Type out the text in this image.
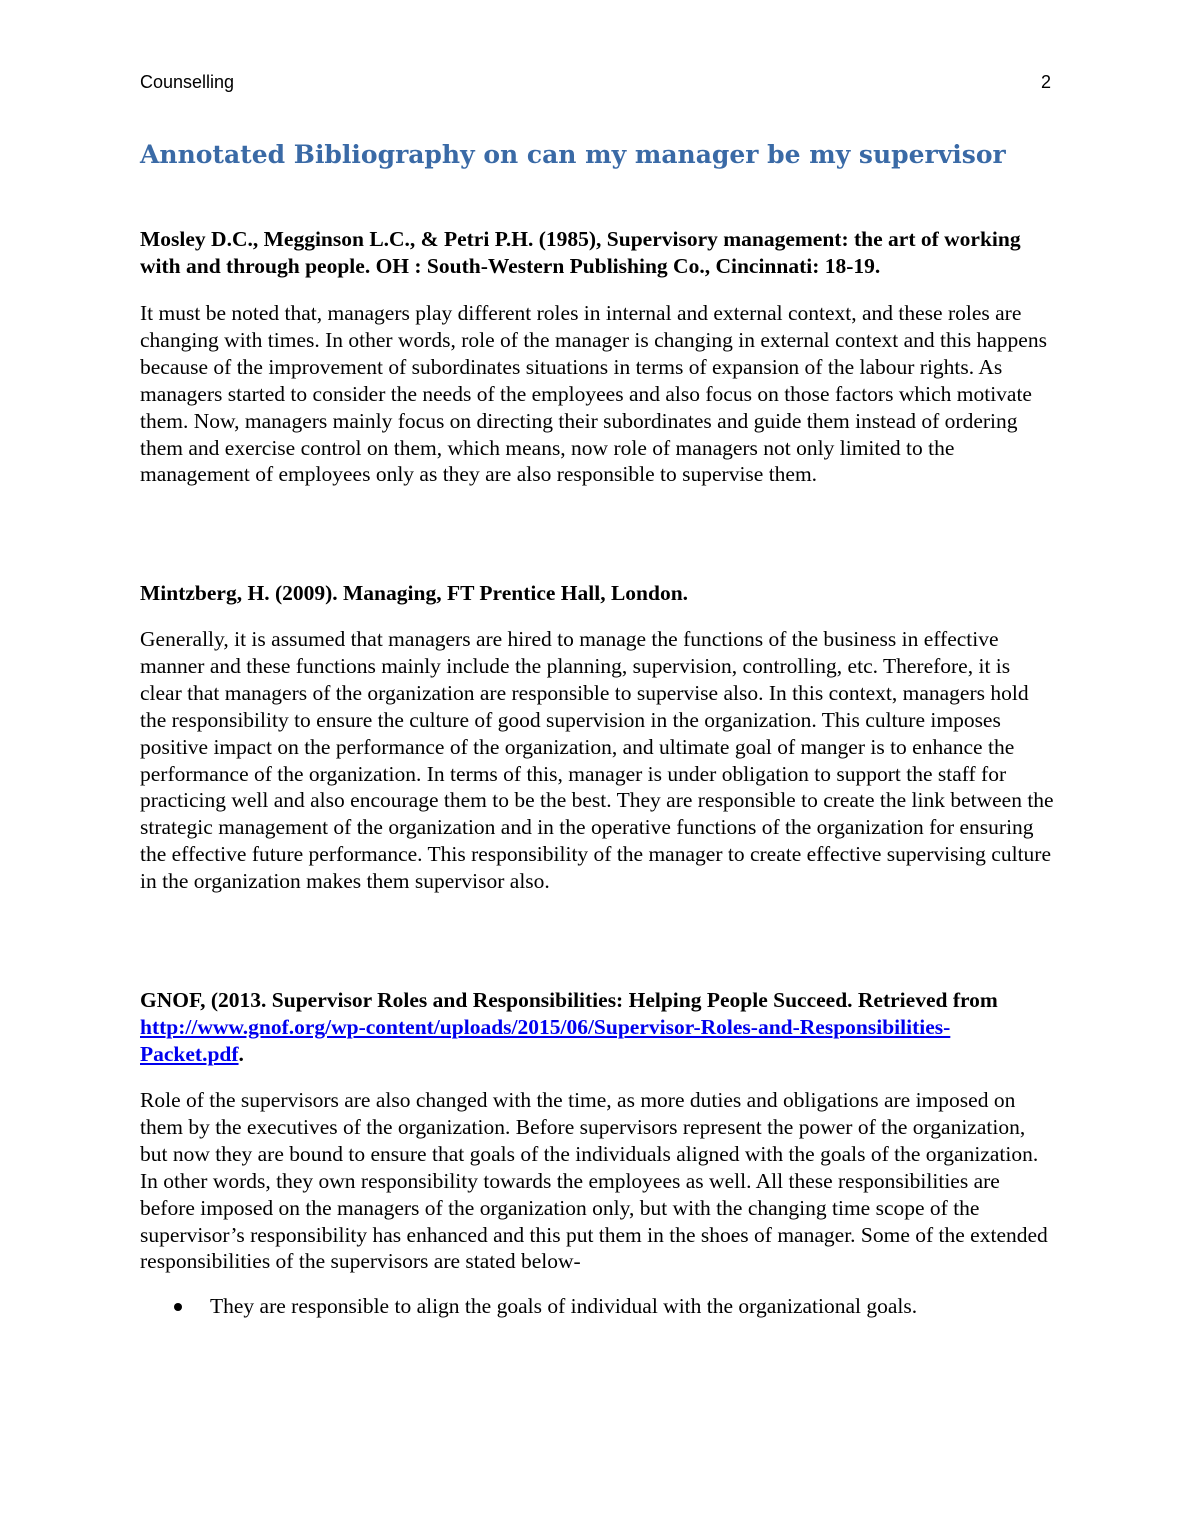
Counselling	2
Annotated Bibliography on can my manager be my supervisor
Mosley D.C., Megginson L.C., & Petri P.H. (1985), Supervisory management: the art of working with and through people. OH : South-Western Publishing Co., Cincinnati: 18-19.

It must be noted that, managers play different roles in internal and external context, and these roles are changing with times. In other words, role of the manager is changing in external context and this happens because of the improvement of subordinates situations in terms of expansion of the labour rights. As managers started to consider the needs of the employees and also focus on those factors which motivate them. Now, managers mainly focus on directing their subordinates and guide them instead of ordering them and exercise control on them, which means, now role of managers not only limited to the management of employees only as they are also responsible to supervise them.

Mintzberg, H. (2009). Managing, FT Prentice Hall, London.

Generally, it is assumed that managers are hired to manage the functions of the business in effective manner and these functions mainly include the planning, supervision, controlling, etc. Therefore, it is clear that managers of the organization are responsible to supervise also. In this context, managers hold the responsibility to ensure the culture of good supervision in the organization. This culture imposes positive impact on the performance of the organization, and ultimate goal of manger is to enhance the performance of the organization. In terms of this, manager is under obligation to support the staff for practicing well and also encourage them to be the best. They are responsible to create the link between the strategic management of the organization and in the operative functions of the organization for ensuring the effective future performance. This responsibility of the manager to create effective supervising culture in the organization makes them supervisor also.

GNOF, (2013. Supervisor Roles and Responsibilities: Helping People Succeed. Retrieved from http://www.gnof.org/wp-content/uploads/2015/06/Supervisor-Roles-and-Responsibilities-Packet.pdf.

Role of the supervisors are also changed with the time, as more duties and obligations are imposed on them by the executives of the organization. Before supervisors represent the power of the organization, but now they are bound to ensure that goals of the individuals aligned with the goals of the organization. In other words, they own responsibility towards the employees as well. All these responsibilities are before imposed on the managers of the organization only, but with the changing time scope of the supervisor’s responsibility has enhanced and this put them in the shoes of manager. Some of the extended responsibilities of the supervisors are stated below-

They are responsible to align the goals of individual with the organizational goals.
